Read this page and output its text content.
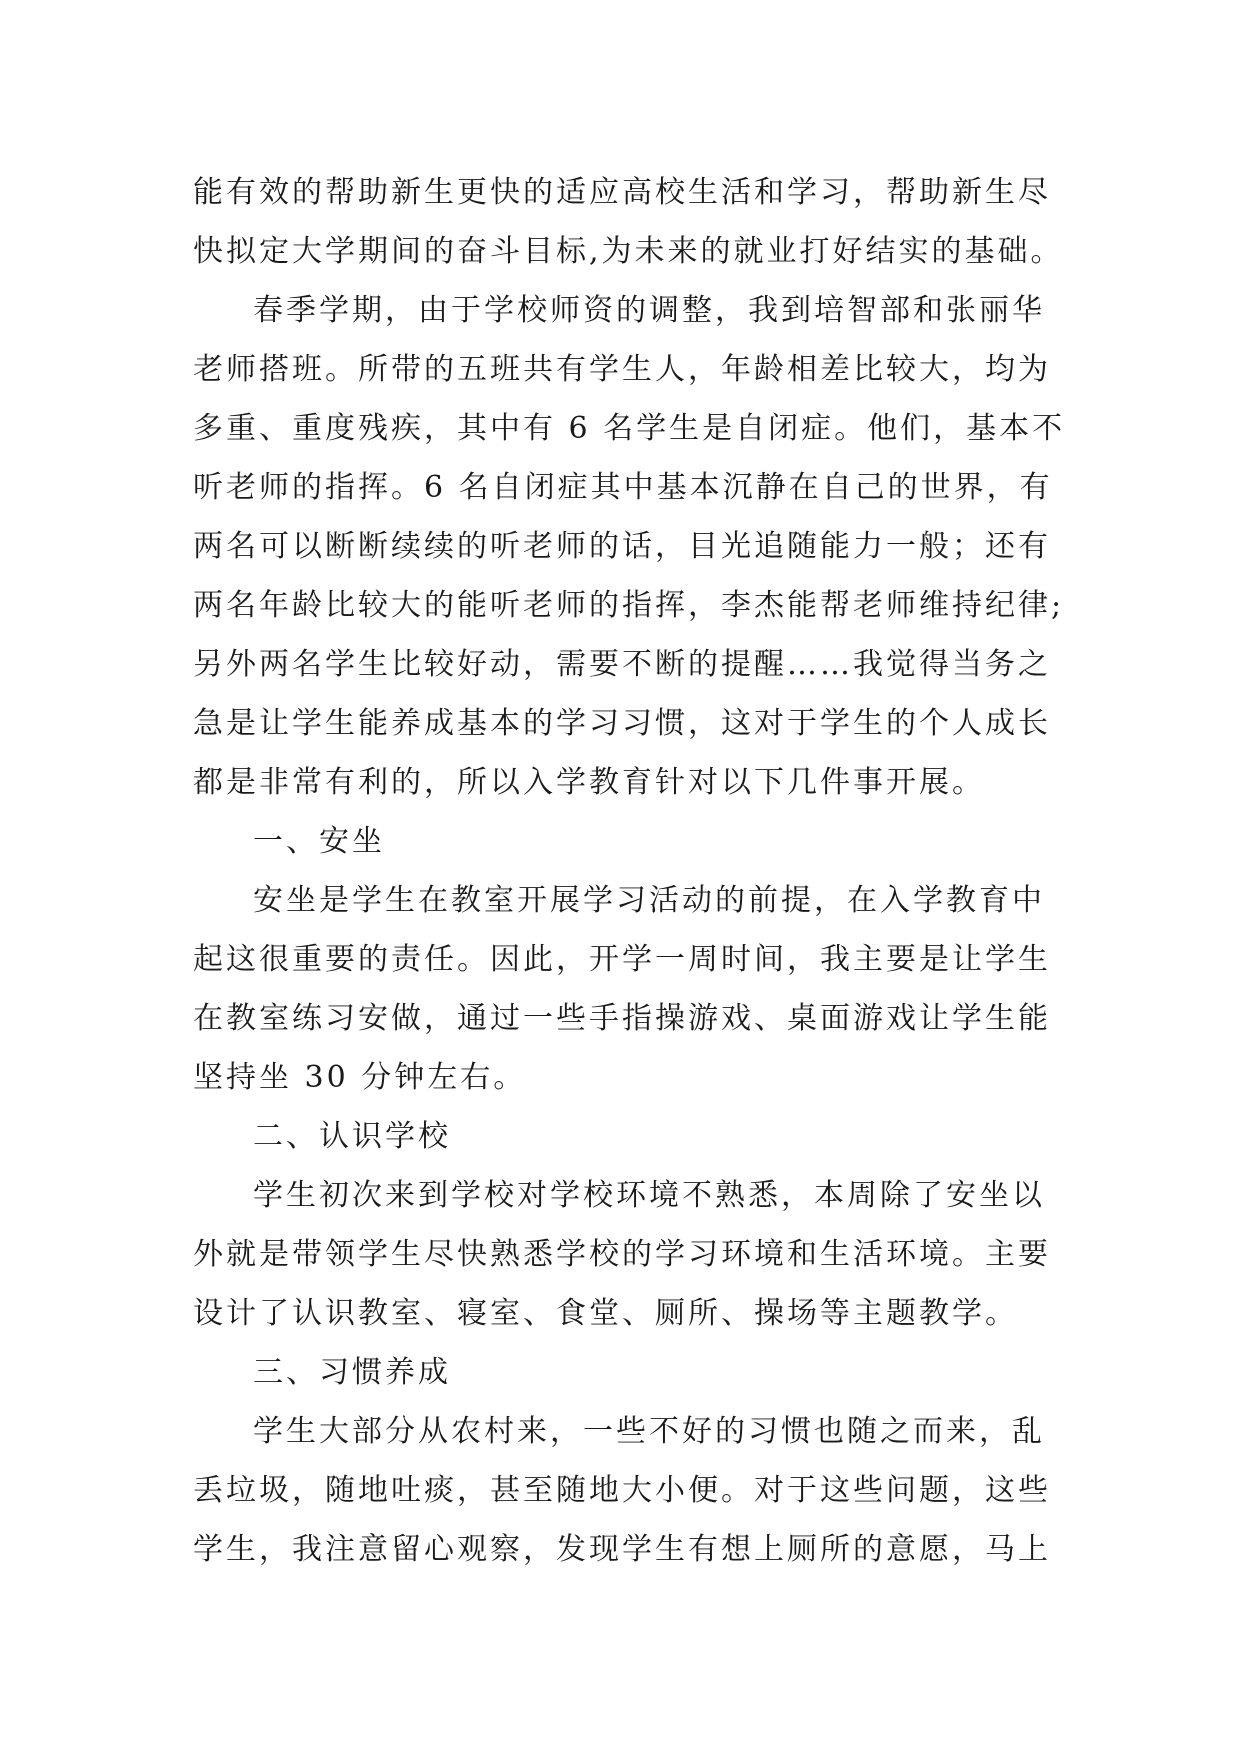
能有效的帮助新生更快的适应高校生活和学习，帮助新生尽
快拟定大学期间的奋斗目标,为未来的就业打好结实的基础。
春季学期，由于学校师资的调整，我到培智部和张丽华
老师搭班。所带的五班共有学生人，年龄相差比较大，均为
多重、重度残疾，其中有 6 名学生是自闭症。他们，基本不
听老师的指挥。6 名自闭症其中基本沉静在自己的世界，有
两名可以断断续续的听老师的话，目光追随能力一般；还有
两名年龄比较大的能听老师的指挥，李杰能帮老师维持纪律;
另外两名学生比较好动，需要不断的提醒……我觉得当务之
急是让学生能养成基本的学习习惯，这对于学生的个人成长
都是非常有利的，所以入学教育针对以下几件事开展。
一、安坐
安坐是学生在教室开展学习活动的前提，在入学教育中
起这很重要的责任。因此，开学一周时间，我主要是让学生
在教室练习安做，通过一些手指操游戏、桌面游戏让学生能
坚持坐 30 分钟左右。
二、认识学校
学生初次来到学校对学校环境不熟悉，本周除了安坐以
外就是带领学生尽快熟悉学校的学习环境和生活环境。主要
设计了认识教室、寝室、食堂、厕所、操场等主题教学。
三、习惯养成
学生大部分从农村来，一些不好的习惯也随之而来，乱
丢垃圾，随地吐痰，甚至随地大小便。对于这些问题，这些
学生，我注意留心观察，发现学生有想上厕所的意愿，马上
